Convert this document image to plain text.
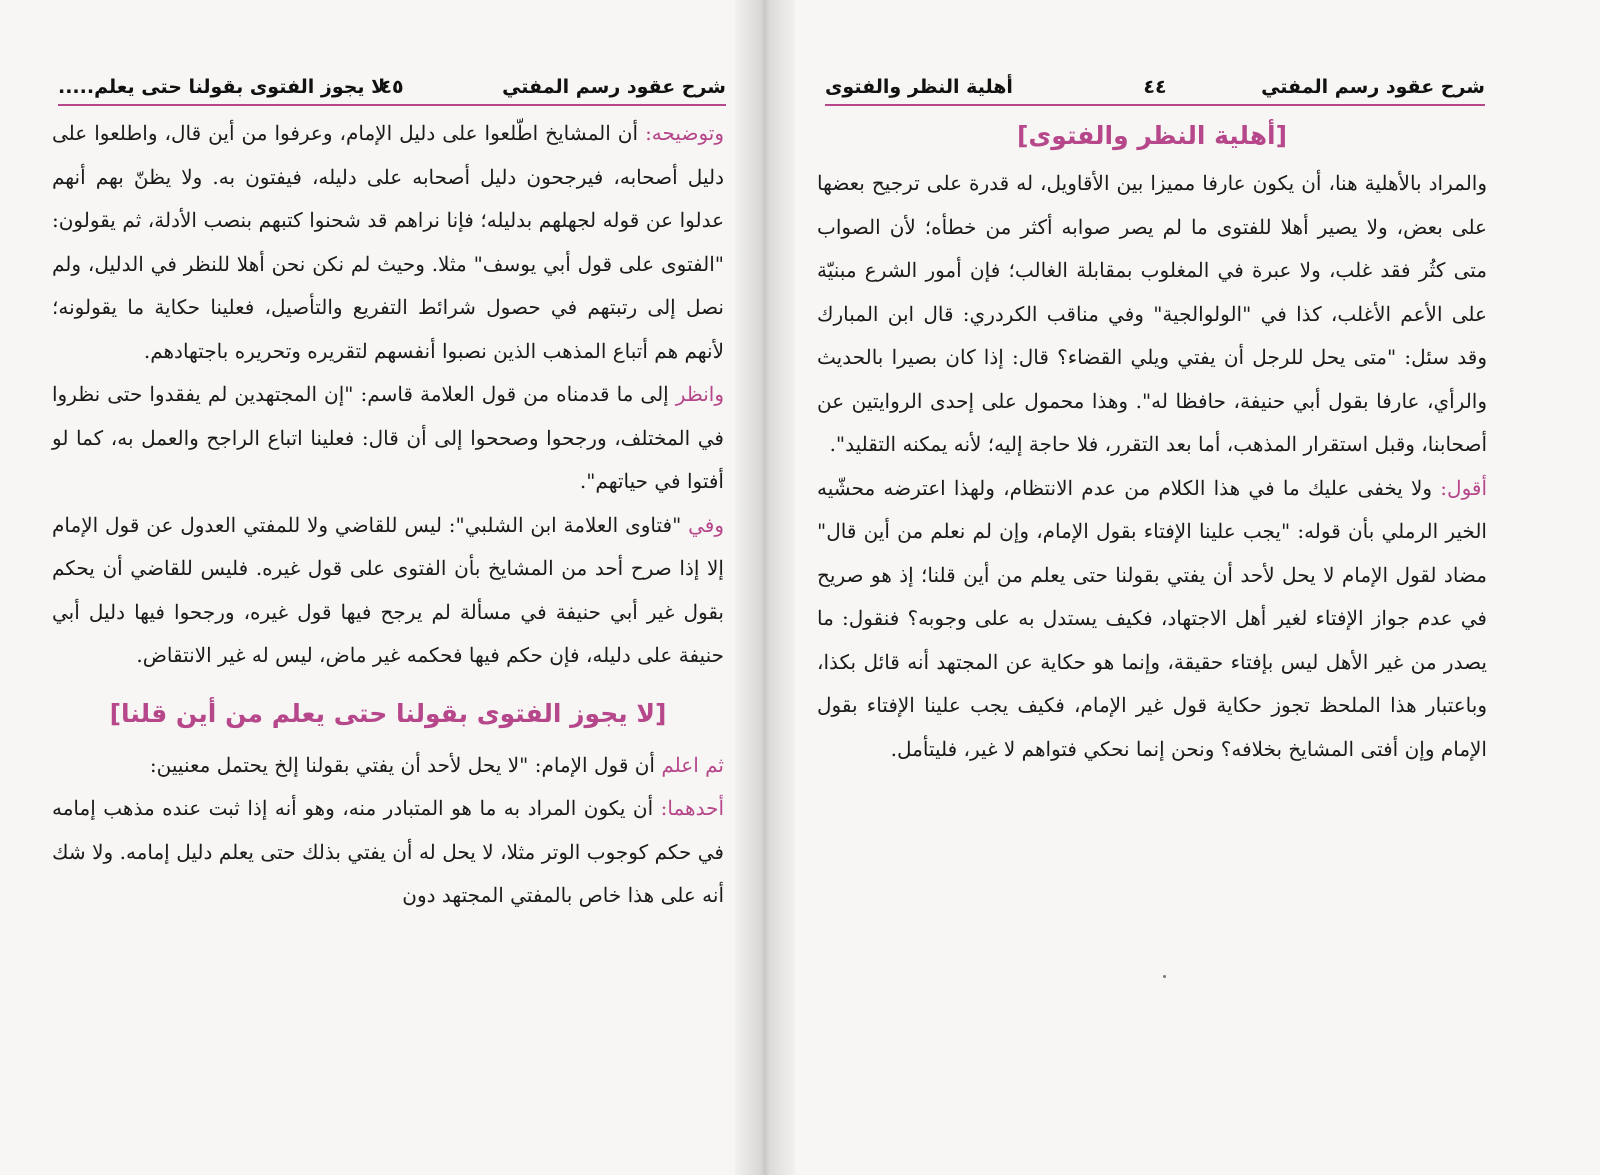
شرح عقود رسم المفتي
٤٥
لا يجوز الفتوى بقولنا حتى يعلم.....

وتوضيحه: أن المشايخ اطّلعوا على دليل الإمام، وعرفوا من أين قال، واطلعوا على دليل أصحابه، فيرجحون دليل أصحابه على دليله، فيفتون به. ولا يظنّ بهم أنهم عدلوا عن قوله لجهلهم بدليله؛ فإنا نراهم قد شحنوا كتبهم بنصب الأدلة، ثم يقولون: "الفتوى على قول أبي يوسف" مثلا. وحيث لم نكن نحن أهلا للنظر في الدليل، ولم نصل إلى رتبتهم في حصول شرائط التفريع والتأصيل، فعلينا حكاية ما يقولونه؛ لأنهم هم أتباع المذهب الذين نصبوا أنفسهم لتقريره وتحريره باجتهادهم.

وانظر إلى ما قدمناه من قول العلامة قاسم: "إن المجتهدين لم يفقدوا حتى نظروا في المختلف، ورجحوا وصححوا إلى أن قال: فعلينا اتباع الراجح والعمل به، كما لو أفتوا في حياتهم".

وفي "فتاوى العلامة ابن الشلبي": ليس للقاضي ولا للمفتي العدول عن قول الإمام إلا إذا صرح أحد من المشايخ بأن الفتوى على قول غيره. فليس للقاضي أن يحكم بقول غير أبي حنيفة في مسألة لم يرجح فيها قول غيره، ورجحوا فيها دليل أبي حنيفة على دليله، فإن حكم فيها فحكمه غير ماض، ليس له غير الانتقاض.

[لا يجوز الفتوى بقولنا حتى يعلم من أين قلنا]

ثم اعلم أن قول الإمام: "لا يحل لأحد أن يفتي بقولنا إلخ يحتمل معنيين:

أحدهما: أن يكون المراد به ما هو المتبادر منه، وهو أنه إذا ثبت عنده مذهب إمامه في حكم كوجوب الوتر مثلا، لا يحل له أن يفتي بذلك حتى يعلم دليل إمامه. ولا شك أنه على هذا خاص بالمفتي المجتهد دون

شرح عقود رسم المفتي
٤٤
أهلية النظر والفتوى
[أهلية النظر والفتوى]

والمراد بالأهلية هنا، أن يكون عارفا مميزا بين الأقاويل، له قدرة على ترجيح بعضها على بعض، ولا يصير أهلا للفتوى ما لم يصر صوابه أكثر من خطأه؛ لأن الصواب متى كثُر فقد غلب، ولا عبرة في المغلوب بمقابلة الغالب؛ فإن أمور الشرع مبنيّة على الأعم الأغلب، كذا في "الولوالجية" وفي مناقب الكردري: قال ابن المبارك وقد سئل: "متى يحل للرجل أن يفتي ويلي القضاء؟ قال: إذا كان بصيرا بالحديث والرأي، عارفا بقول أبي حنيفة، حافظا له". وهذا محمول على إحدى الروايتين عن أصحابنا، وقبل استقرار المذهب، أما بعد التقرر، فلا حاجة إليه؛ لأنه يمكنه التقليد".

أقول: ولا يخفى عليك ما في هذا الكلام من عدم الانتظام، ولهذا اعترضه محشّيه الخير الرملي بأن قوله: "يجب علينا الإفتاء بقول الإمام، وإن لم نعلم من أين قال" مضاد لقول الإمام لا يحل لأحد أن يفتي بقولنا حتى يعلم من أين قلنا؛ إذ هو صريح في عدم جواز الإفتاء لغير أهل الاجتهاد، فكيف يستدل به على وجوبه؟ فنقول: ما يصدر من غير الأهل ليس بإفتاء حقيقة، وإنما هو حكاية عن المجتهد أنه قائل بكذا، وباعتبار هذا الملحظ تجوز حكاية قول غير الإمام، فكيف يجب علينا الإفتاء بقول الإمام وإن أفتى المشايخ بخلافه؟ ونحن إنما نحكي فتواهم لا غير، فليتأمل.
